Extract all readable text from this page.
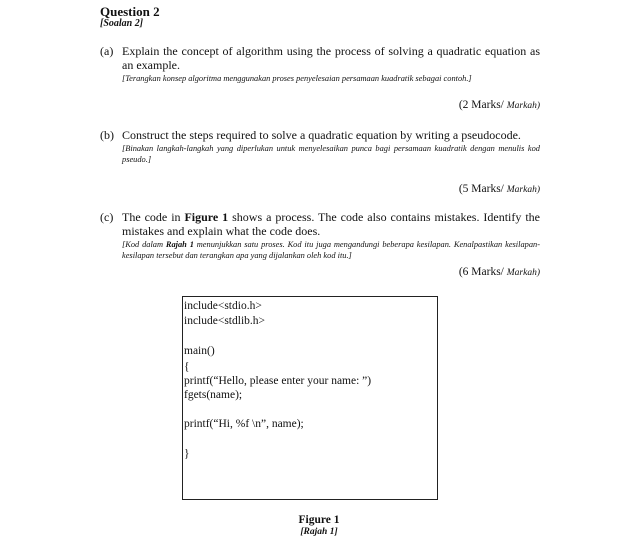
Question 2
[Soalan 2]
(a) Explain the concept of algorithm using the process of solving a quadratic equation as an example.

[Terangkan konsep algoritma menggunakan proses penyelesaian persamaan kuadratik sebagai contoh.]

(2 Marks/ Markah)
(b) Construct the steps required to solve a quadratic equation by writing a pseudocode.

[Binakan langkah-langkah yang diperlukan untuk menyelesaikan punca bagi persamaan kuadratik dengan menulis kod pseudo.]

(5 Marks/ Markah)
(c) The code in Figure 1 shows a process. The code also contains mistakes. Identify the mistakes and explain what the code does.

[Kod dalam Rajah 1 menunjukkan satu proses. Kod itu juga mengandungi beberapa kesilapan. Kenalpastikan kesilapan-kesilapan tersebut dan terangkan apa yang dijalankan oleh kod itu.]

(6 Marks/ Markah)
include<stdio.h>
include<stdlib.h>
main()
{
printf(“Hello, please enter your name: ”)
fgets(name);
printf(“Hi, %f \n”, name);
}
Figure 1
[Rajah 1]
